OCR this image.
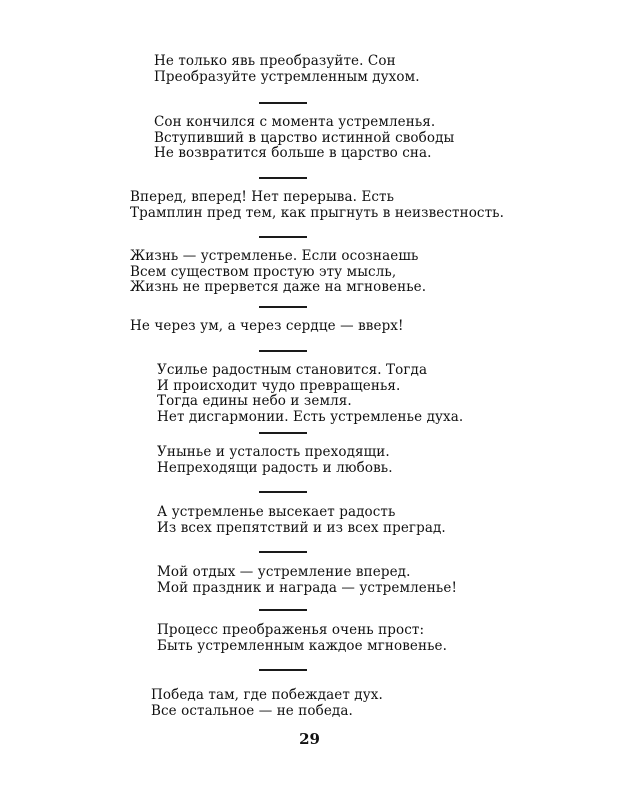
Не только явь преобразуйте. Сон
Преобразуйте устремленным духом.
Сон кончился с момента устремленья.
Вступивший в царство истинной свободы
Не возвратится больше в царство сна.
Вперед, вперед! Нет перерыва. Есть
Трамплин пред тем, как прыгнуть в неизвестность.
Жизнь — устремленье. Если осознаешь
Всем существом простую эту мысль,
Жизнь не прервется даже на мгновенье.
Не через ум, а через сердце — вверх!
Усилье радостным становится. Тогда
И происходит чудо превращенья.
Тогда едины небо и земля.
Нет дисгармонии. Есть устремленье духа.
Унынье и усталость преходящи.
Непреходящи радость и любовь.
А устремленье высекает радость
Из всех препятствий и из всех преград.
Мой отдых — устремление вперед.
Мой праздник и награда — устремленье!
Процесс преображенья очень прост:
Быть устремленным каждое мгновенье.
Победа там, где побеждает дух.
Все остальное — не победа.
29
